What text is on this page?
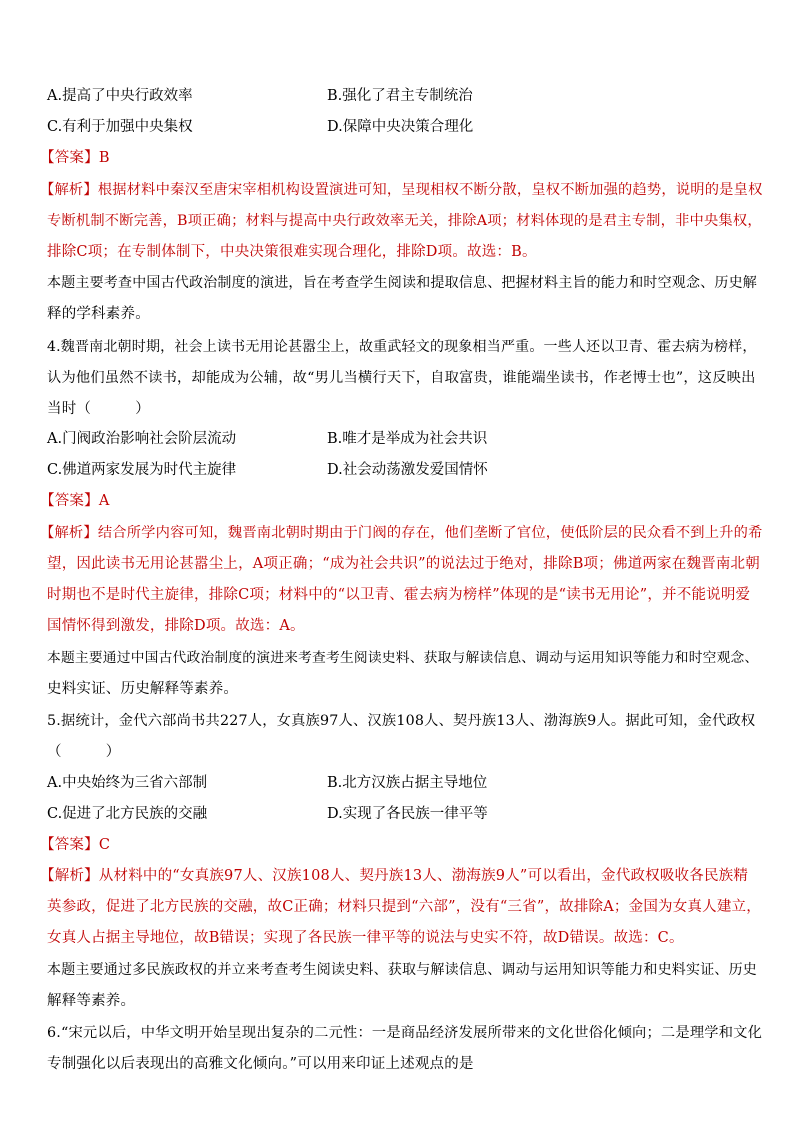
A.提高了中央行政效率	B.强化了君主专制统治
C.有利于加强中央集权	D.保障中央决策合理化
【答案】B
【解析】根据材料中秦汉至唐宋宰相机构设置演进可知，呈现相权不断分散，皇权不断加强的趋势，说明的是皇权
专断机制不断完善，B项正确；材料与提高中央行政效率无关，排除A项；材料体现的是君主专制，非中央集权，
排除C项；在专制体制下，中央决策很难实现合理化，排除D项。故选：B。
本题主要考查中国古代政治制度的演进，旨在考查学生阅读和提取信息、把握材料主旨的能力和时空观念、历史解
释的学科素养。
4.魏晋南北朝时期，社会上读书无用论甚嚣尘上，故重武轻文的现象相当严重。一些人还以卫青、霍去病为榜样，
认为他们虽然不读书，却能成为公辅，故“男儿当横行天下，自取富贵，谁能端坐读书，作老博士也”，这反映出
当时（　　　）
A.门阀政治影响社会阶层流动	B.唯才是举成为社会共识
C.佛道两家发展为时代主旋律	D.社会动荡激发爱国情怀
【答案】A
【解析】结合所学内容可知，魏晋南北朝时期由于门阀的存在，他们垄断了官位，使低阶层的民众看不到上升的希
望，因此读书无用论甚嚣尘上，A项正确；“成为社会共识”的说法过于绝对，排除B项；佛道两家在魏晋南北朝
时期也不是时代主旋律，排除C项；材料中的“以卫青、霍去病为榜样”体现的是“读书无用论”，并不能说明爱
国情怀得到激发，排除D项。故选：A。
本题主要通过中国古代政治制度的演进来考查考生阅读史料、获取与解读信息、调动与运用知识等能力和时空观念、
史料实证、历史解释等素养。
5.据统计，金代六部尚书共227人，女真族97人、汉族108人、契丹族13人、渤海族9人。据此可知，金代政权
（　　　）
A.中央始终为三省六部制	B.北方汉族占据主导地位
C.促进了北方民族的交融	D.实现了各民族一律平等
【答案】C
【解析】从材料中的“女真族97人、汉族108人、契丹族13人、渤海族9人”可以看出，金代政权吸收各民族精
英参政，促进了北方民族的交融，故C正确；材料只提到“六部”，没有“三省”，故排除A；金国为女真人建立，
女真人占据主导地位，故B错误；实现了各民族一律平等的说法与史实不符，故D错误。故选：C。
本题主要通过多民族政权的并立来考查考生阅读史料、获取与解读信息、调动与运用知识等能力和史料实证、历史
解释等素养。
6.“宋元以后，中华文明开始呈现出复杂的二元性：一是商品经济发展所带来的文化世俗化倾向；二是理学和文化
专制强化以后表现出的高雅文化倾向。”可以用来印证上述观点的是
